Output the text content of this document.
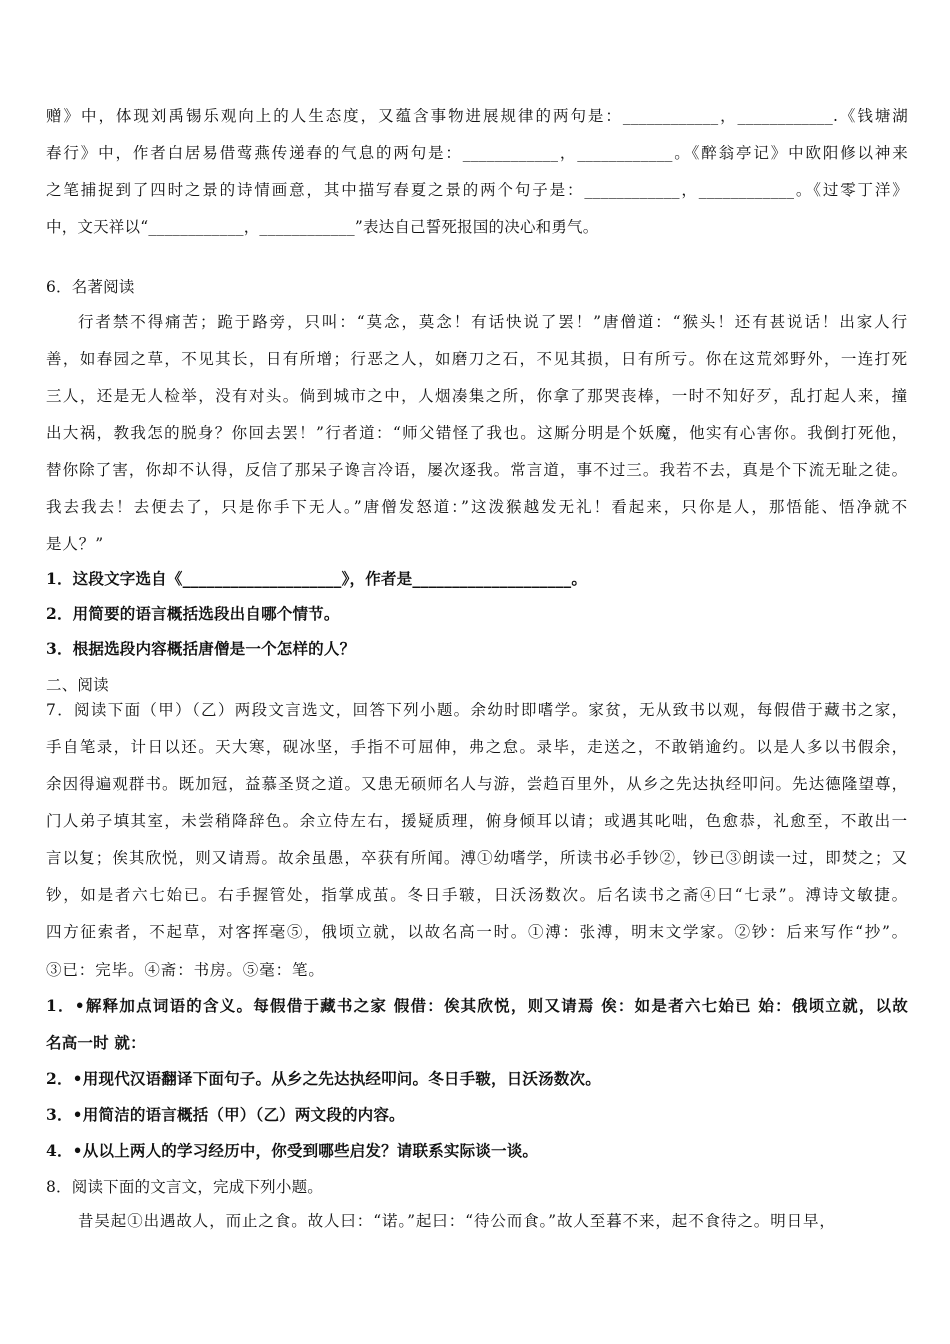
赠》中，体现刘禹锡乐观向上的人生态度，又蕴含事物进展规律的两句是：____________，____________.《钱塘湖
春行》中，作者白居易借莺燕传递春的气息的两句是：____________，____________。《醉翁亭记》中欧阳修以神来
之笔捕捉到了四时之景的诗情画意，其中描写春夏之景的两个句子是：____________，____________。《过零丁洋》
中，文天祥以“____________，____________”表达自己誓死报国的决心和勇气。
6．名著阅读
行者禁不得痛苦；跪于路旁，只叫：“莫念，莫念！有话快说了罢！”唐僧道：“猴头！还有甚说话！出家人行
善，如春园之草，不见其长，日有所增；行恶之人，如磨刀之石，不见其损，日有所亏。你在这荒郊野外，一连打死
三人，还是无人检举，没有对头。倘到城市之中，人烟凑集之所，你拿了那哭丧棒，一时不知好歹，乱打起人来，撞
出大祸，教我怎的脱身？你回去罢！”行者道：“师父错怪了我也。这厮分明是个妖魔，他实有心害你。我倒打死他，
替你除了害，你却不认得，反信了那呆子谗言冷语，屡次逐我。常言道，事不过三。我若不去，真是个下流无耻之徒。
我去我去！去便去了，只是你手下无人。”唐僧发怒道：”这泼猴越发无礼！看起来，只你是人，那悟能、悟净就不
是人？”
1．这段文字选自《____________________》，作者是____________________。
2．用简要的语言概括选段出自哪个情节。
3．根据选段内容概括唐僧是一个怎样的人？
二、阅读
7．阅读下面（甲）（乙）两段文言选文，回答下列小题。余幼时即嗜学。家贫，无从致书以观，每假借于藏书之家，
手自笔录，计日以还。天大寒，砚冰坚，手指不可屈伸，弗之怠。录毕，走送之，不敢销逾约。以是人多以书假余，
余因得遍观群书。既加冠，益慕圣贤之道。又患无硕师名人与游，尝趋百里外，从乡之先达执经叩问。先达德隆望尊，
门人弟子填其室，未尝稍降辞色。余立侍左右，援疑质理，俯身倾耳以请；或遇其叱咄，色愈恭，礼愈至，不敢出一
言以复；俟其欣悦，则又请焉。故余虽愚，卒获有所闻。溥①幼嗜学，所读书必手钞②，钞已③朗读一过，即焚之；又
钞，如是者六七始已。右手握管处，指掌成茧。冬日手皲，日沃汤数次。后名读书之斋④曰“七录”。溥诗文敏捷。
四方征索者，不起草，对客挥毫⑤，俄顷立就，以故名高一时。①溥：张溥，明末文学家。②钞：后来写作“抄”。
③已：完毕。④斋：书房。⑤毫：笔。
1．•解释加点词语的含义。每假借于藏书之家 假借：俟其欣悦，则又请焉 俟：如是者六七始已 始：俄顷立就，以故
名高一时 就：
2．•用现代汉语翻译下面句子。从乡之先达执经叩问。冬日手皲，日沃汤数次。
3．•用简洁的语言概括（甲）（乙）两文段的内容。
4．•从以上两人的学习经历中，你受到哪些启发？请联系实际谈一谈。
8．阅读下面的文言文，完成下列小题。
昔吴起①出遇故人，而止之食。故人曰：“诺。”起曰：“待公而食。”故人至暮不来，起不食待之。明日早，
